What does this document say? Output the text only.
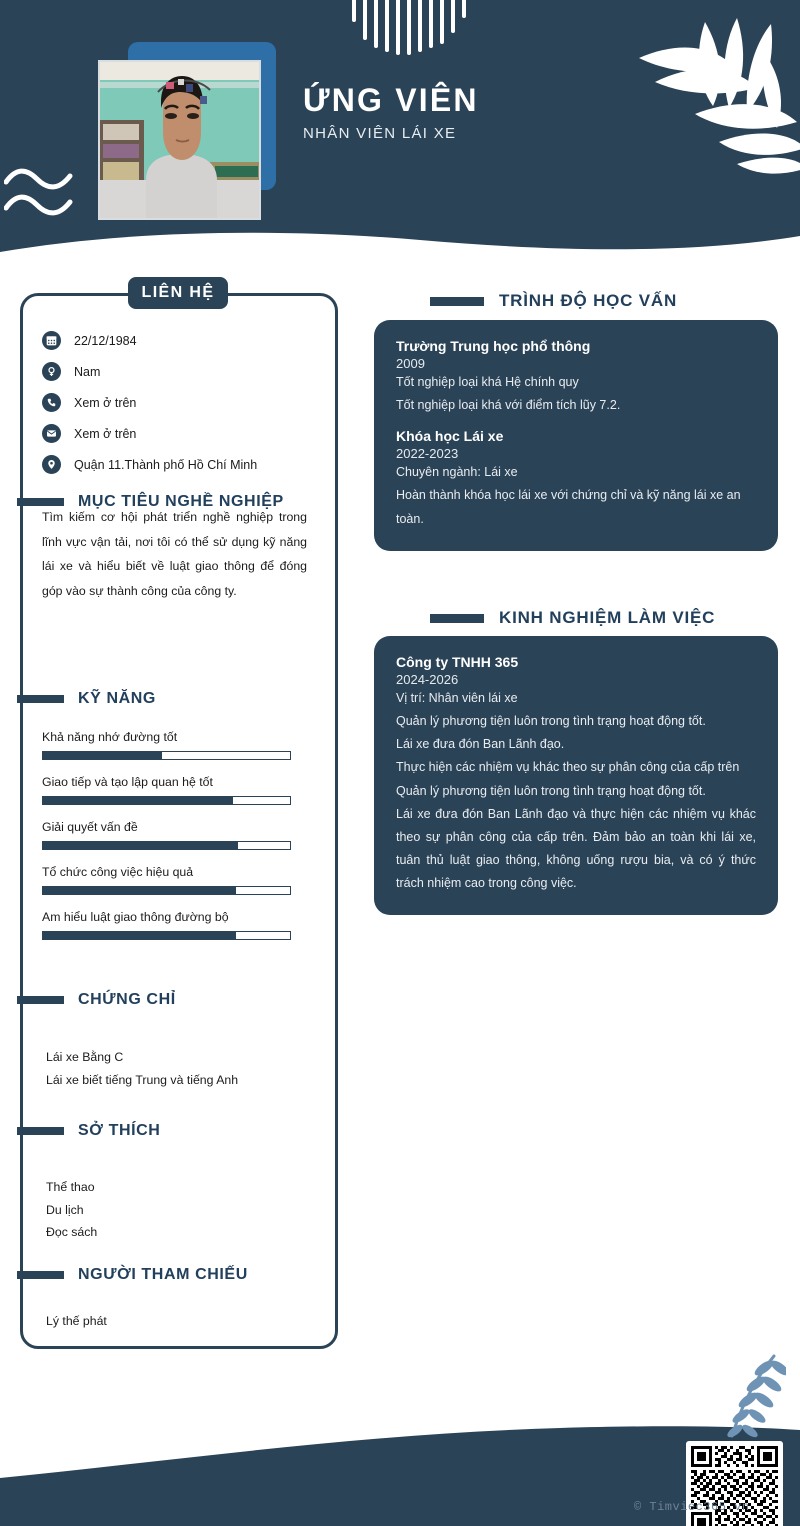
ỨNG VIÊN
NHÂN VIÊN LÁI XE
LIÊN HỆ
22/12/1984
Nam
Xem ở trên
Xem ở trên
Quận 11.Thành phố Hồ Chí Minh
MỤC TIÊU NGHỀ NGHIỆP
Tìm kiếm cơ hội phát triển nghề nghiệp trong lĩnh vực vận tải, nơi tôi có thể sử dụng kỹ năng lái xe và hiểu biết về luật giao thông để đóng góp vào sự thành công của công ty.
KỸ NĂNG
Khả năng nhớ đường tốt
Giao tiếp và tạo lập quan hệ tốt
Giải quyết vấn đề
Tổ chức công việc hiệu quả
Am hiểu luật giao thông đường bộ
CHỨNG CHỈ
Lái xe Bằng C
Lái xe biết tiếng Trung và tiếng Anh
SỞ THÍCH
Thể thao
Du lịch
Đọc sách
NGƯỜI THAM CHIẾU
Lý thế phát
TRÌNH ĐỘ HỌC VẤN
Trường Trung học phổ thông
2009
Tốt nghiệp loại khá Hệ chính quy
Tốt nghiệp loại khá với điểm tích lũy 7.2.
Khóa học Lái xe
2022-2023
Chuyên ngành: Lái xe
Hoàn thành khóa học lái xe với chứng chỉ và kỹ năng lái xe an toàn.
KINH NGHIỆM LÀM VIỆC
Công ty TNHH 365
2024-2026
Vị trí: Nhân viên lái xe
Quản lý phương tiện luôn trong tình trạng hoạt động tốt.
Lái xe đưa đón Ban Lãnh đạo.
Thực hiện các nhiệm vụ khác theo sự phân công của cấp trên
Quản lý phương tiện luôn trong tình trạng hoạt động tốt.
Lái xe đưa đón Ban Lãnh đạo và thực hiện các nhiệm vụ khác theo sự phân công của cấp trên. Đảm bảo an toàn khi lái xe, tuân thủ luật giao thông, không uống rượu bia, và có ý thức trách nhiệm cao trong công việc.
© Timviec365.vn
